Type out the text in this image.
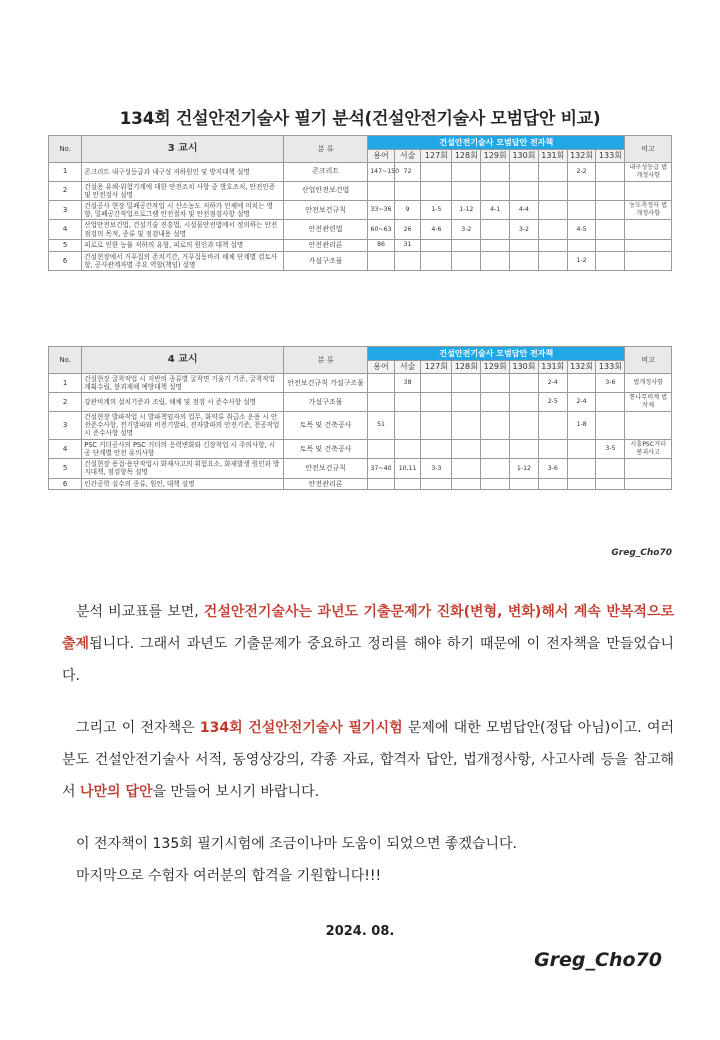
134회 건설안전기술사 필기 분석(건설안전기술사 모범답안 비교)
No.	3 교시	분 류	건설안전기술사 모범답안 전자책									비고
			용어	서술	127회	128회	129회	130회	131회	132회	133회	
1	콘크리트 내구성등급과 내구성 저하원인 및 방지대책 설명	콘크리트	147~150	72						2-2		내구성등급 법개정사항
2	건설용 유해·위험기계에 대한 안전조치 사항 중 방호조치, 안전인증 및 안전검사 설명	산업안전보건법										
3	건설공사 현장 밀폐공간작업 시 산소농도 저하가 인체에 미치는 영향, 밀폐공간작업프로그램 안전절차 및 안전점검사항 설명	안전보건규칙	33~36	9	1-5	1-12	4-1	4-4				농도측정자 법개정사항
4	산업안전보건법, 건설기술 진흥법, 시설물안전법에서 정의하는 안전점검의 목적, 종류 및 점검내용 설명	안전관련법	60~63	26	4-6	3-2		3-2		4-5		
5	피로로 인한 능률 저하의 유형, 피로의 원인과 대책 설명	안전관리론	86	31								
6	건설현장에서 거푸집의 존치기간, 거푸집동바리 해체 단계별 검토사항, 공사관계자별 주요 역할(책임) 설명	가설구조물								1-2		
No.	4 교시	분 류	건설안전기술사 모범답안 전자책									비고
			용어	서술	127회	128회	129회	130회	131회	132회	133회	
1	건설현장 굴착작업 시 지반의 종류별 굴착면 기울기 기준, 굴착작업 계획수립, 붕괴재해 예방대책 설명	안전보건규칙 가설구조물		38					2-4		3-6	법개정사항
2	강관비계의 설치기준과 조립, 해체 및 점검 시 준수사항 설명	가설구조물							2-5	2-4		통나무비계 법 삭제
3	건설현장 발파작업 시 발파책임자의 업무, 화약류 취급소 운용 시 안전준수사항, 전기발파와 비전기발파, 전자발파의 안전기준, 천공작업 시 준수사항 설명	토목 및 건축공사	51							1-8		
4	PSC 거더공사의 PSC 거더의 응력변화와 긴장작업 시 주의사항, 시공 단계별 안전 유의사항	토목 및 건축공사									3-5	시흥PSC거더 붕괴사고
5	건설현장 용접·용단작업시 화재사고의 위험요소, 화재발생 원인과 방지대책, 점검항목 설명	안전보건규칙	37~40	10,11	3-3			1-12	3-6			
6	인간공학 실수의 종류, 원인, 대책 설명	안전관리론										
Greg_Cho70
분석 비교표를 보면, 건설안전기술사는 과년도 기출문제가 진화(변형, 변화)해서 계속 반복적으로 출제됩니다. 그래서 과년도 기출문제가 중요하고 정리를 해야 하기 때문에 이 전자책을 만들었습니다.
그리고 이 전자책은 134회 건설안전기술사 필기시험 문제에 대한 모범답안(정답 아님)이고. 여러분도 건설안전기술사 서적, 동영상강의, 각종 자료, 합격자 답안, 법개정사항, 사고사례 등을 참고해서 나만의 답안을 만들어 보시기 바랍니다.
이 전자책이 135회 필기시험에 조금이나마 도움이 되었으면 좋겠습니다.
마지막으로 수험자 여러분의 합격을 기원합니다!!!
2024. 08.
Greg_Cho70
